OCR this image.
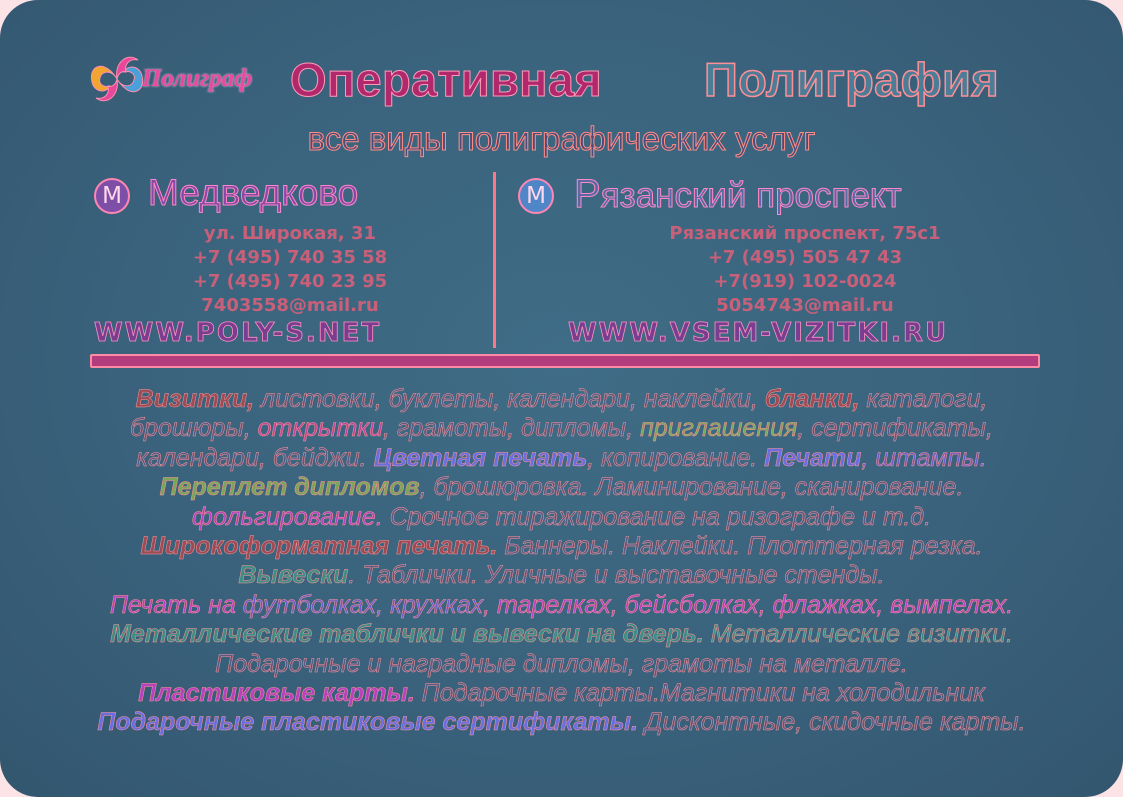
Полиграф Оперативная Полиграфия
все виды полиграфических услуг
М Медведково	М Рязанский проспект
ул. Широкая, 31
+7 (495) 740 35 58
+7 (495) 740 23 95
7403558@mail.ru
WWW.POLY-S.NET
Рязанский проспект, 75с1
+7 (495) 505 47 43
+7(919) 102-0024
5054743@mail.ru
WWW.VSEM-VIZITKI.RU
Визитки, листовки, буклеты, календари, наклейки, бланки, каталоги,
брошюры, открытки, грамоты, дипломы, приглашения, сертификаты,
календари, бейджи. Цветная печать, копирование. Печати, штампы.
Переплет дипломов, брошюровка. Ламинирование, сканирование.
фольгирование. Срочное тиражирование на ризографе и т.д.
Широкоформатная печать. Баннеры. Наклейки. Плоттерная резка.
Вывески. Таблички. Уличные и выставочные стенды.
Печать на футболках, кружках, тарелках, бейсболках, флажках, вымпелах.
Металлические таблички и вывески на дверь. Металлические визитки.
Подарочные и наградные дипломы, грамоты на металле.
Пластиковые карты. Подарочные карты.Магнитики на холодильник
Подарочные пластиковые сертификаты. Дисконтные, скидочные карты.
